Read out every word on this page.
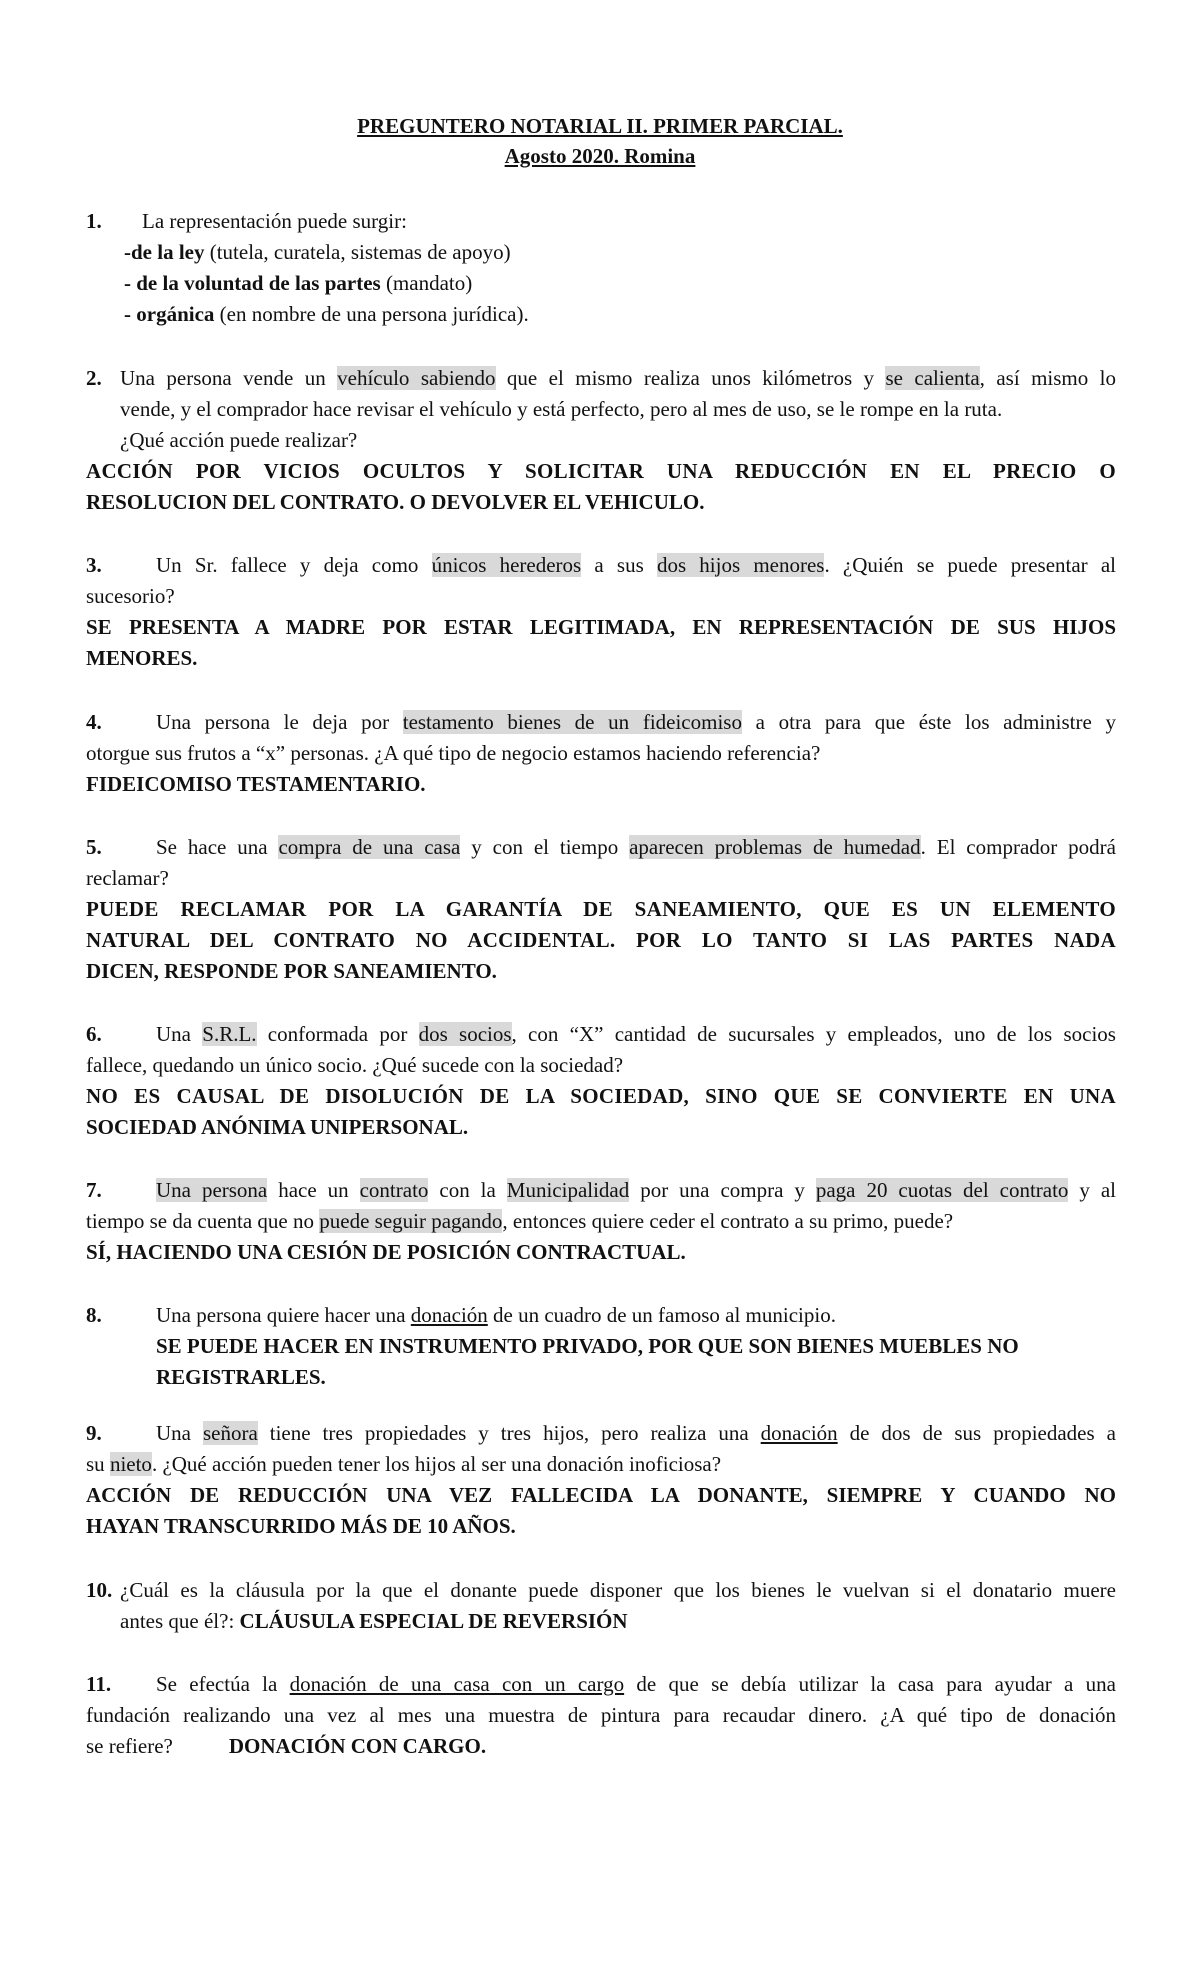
PREGUNTERO NOTARIAL II. PRIMER PARCIAL.
Agosto 2020. Romina
1. La representación puede surgir:
-de la ley (tutela, curatela, sistemas de apoyo)
- de la voluntad de las partes (mandato)
- orgánica (en nombre de una persona jurídica).
2. Una persona vende un vehículo sabiendo que el mismo realiza unos kilómetros y se calienta, así mismo lo
vende, y el comprador hace revisar el vehículo y está perfecto, pero al mes de uso, se le rompe en la ruta.
¿Qué acción puede realizar?
ACCIÓN POR VICIOS OCULTOS Y SOLICITAR UNA REDUCCIÓN EN EL PRECIO O
RESOLUCION DEL CONTRATO. O DEVOLVER EL VEHICULO.
3.	Un Sr. fallece y deja como únicos herederos a sus dos hijos menores. ¿Quién se puede presentar al
sucesorio?
SE PRESENTA A MADRE POR ESTAR LEGITIMADA, EN REPRESENTACIÓN DE SUS HIJOS
MENORES.
4.	Una persona le deja por testamento bienes de un fideicomiso a otra para que éste los administre y
otorgue sus frutos a “x” personas. ¿A qué tipo de negocio estamos haciendo referencia?
FIDEICOMISO TESTAMENTARIO.
5.	Se hace una compra de una casa y con el tiempo aparecen problemas de humedad. El comprador podrá
reclamar?
PUEDE RECLAMAR POR LA GARANTÍA DE SANEAMIENTO, QUE ES UN ELEMENTO
NATURAL DEL CONTRATO NO ACCIDENTAL. POR LO TANTO SI LAS PARTES NADA
DICEN, RESPONDE POR SANEAMIENTO.
6.	Una S.R.L. conformada por dos socios, con “X” cantidad de sucursales y empleados, uno de los socios
fallece, quedando un único socio. ¿Qué sucede con la sociedad?
NO ES CAUSAL DE DISOLUCIÓN DE LA SOCIEDAD, SINO QUE SE CONVIERTE EN UNA
SOCIEDAD ANÓNIMA UNIPERSONAL.
7.	Una persona hace un contrato con la Municipalidad por una compra y paga 20 cuotas del contrato y al
tiempo se da cuenta que no puede seguir pagando, entonces quiere ceder el contrato a su primo, puede?
SÍ, HACIENDO UNA CESIÓN DE POSICIÓN CONTRACTUAL.
8.	Una persona quiere hacer una donación de un cuadro de un famoso al municipio.
SE PUEDE HACER EN INSTRUMENTO PRIVADO, POR QUE SON BIENES MUEBLES NO
REGISTRARLES.
9.	Una señora tiene tres propiedades y tres hijos, pero realiza una donación de dos de sus propiedades a
su nieto. ¿Qué acción pueden tener los hijos al ser una donación inoficiosa?
ACCIÓN DE REDUCCIÓN UNA VEZ FALLECIDA LA DONANTE, SIEMPRE Y CUANDO NO
HAYAN TRANSCURRIDO MÁS DE 10 AÑOS.
10. ¿Cuál es la cláusula por la que el donante puede disponer que los bienes le vuelvan si el donatario muere
antes que él?: CLÁUSULA ESPECIAL DE REVERSIÓN
11. Se efectúa la donación de una casa con un cargo de que se debía utilizar la casa para ayudar a una
fundación realizando una vez al mes una muestra de pintura para recaudar dinero. ¿A qué tipo de donación
se refiere?	DONACIÓN CON CARGO.
